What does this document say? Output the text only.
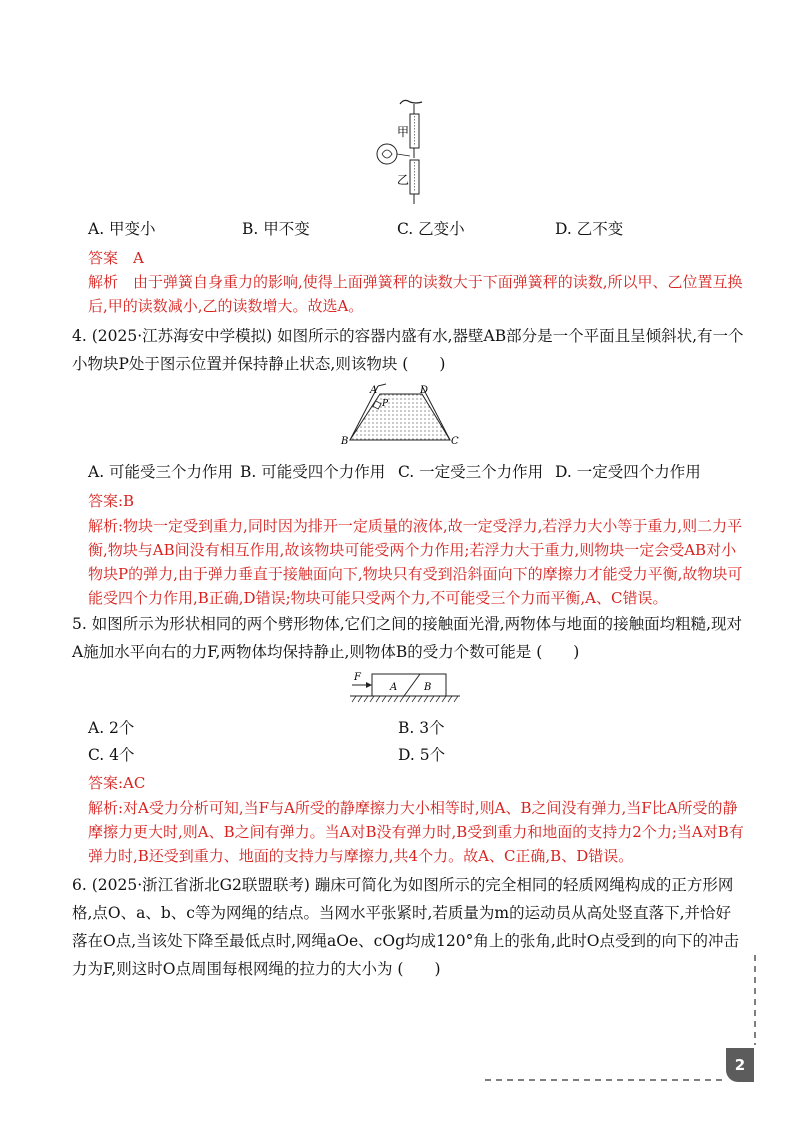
甲
乙
A. 甲变小	B. 甲不变	C. 乙变小	D. 乙不变
答案　A
解析　由于弹簧自身重力的影响,使得上面弹簧秤的读数大于下面弹簧秤的读数,所以甲、乙位置互换后,甲的读数减小,乙的读数增大。故选A。
4. (2025·江苏海安中学模拟) 如图所示的容器内盛有水,器壁AB部分是一个平面且呈倾斜状,有一个小物块P处于图示位置并保持静止状态,则该物块 (　　)
A	D
P
B	C
A. 可能受三个力作用 B. 可能受四个力作用 C. 一定受三个力作用 D. 一定受四个力作用
答案:B
解析:物块一定受到重力,同时因为排开一定质量的液体,故一定受浮力,若浮力大小等于重力,则二力平衡,物块与AB间没有相互作用,故该物块可能受两个力作用;若浮力大于重力,则物块一定会受AB对小物块P的弹力,由于弹力垂直于接触面向下,物块只有受到沿斜面向下的摩擦力才能受力平衡,故物块可能受四个力作用,B正确,D错误;物块可能只受两个力,不可能受三个力而平衡,A、C错误。
5. 如图所示为形状相同的两个劈形物体,它们之间的接触面光滑,两物体与地面的接触面均粗糙,现对A施加水平向右的力F,两物体均保持静止,则物体B的受力个数可能是 (　　)
F
A	B
A. 2个	B. 3个
C. 4个	D. 5个
答案:AC
解析:对A受力分析可知,当F与A所受的静摩擦力大小相等时,则A、B之间没有弹力,当F比A所受的静摩擦力更大时,则A、B之间有弹力。当A对B没有弹力时,B受到重力和地面的支持力2个力;当A对B有弹力时,B还受到重力、地面的支持力与摩擦力,共4个力。故A、C正确,B、D错误。
6. (2025·浙江省浙北G2联盟联考) 蹦床可简化为如图所示的完全相同的轻质网绳构成的正方形网格,点O、a、b、c等为网绳的结点。当网水平张紧时,若质量为m的运动员从高处竖直落下,并恰好落在O点,当该处下降至最低点时,网绳aOe、cOg均成120°角上的张角,此时O点受到的向下的冲击力为F,则这时O点周围每根网绳的拉力的大小为 (　　)
2
